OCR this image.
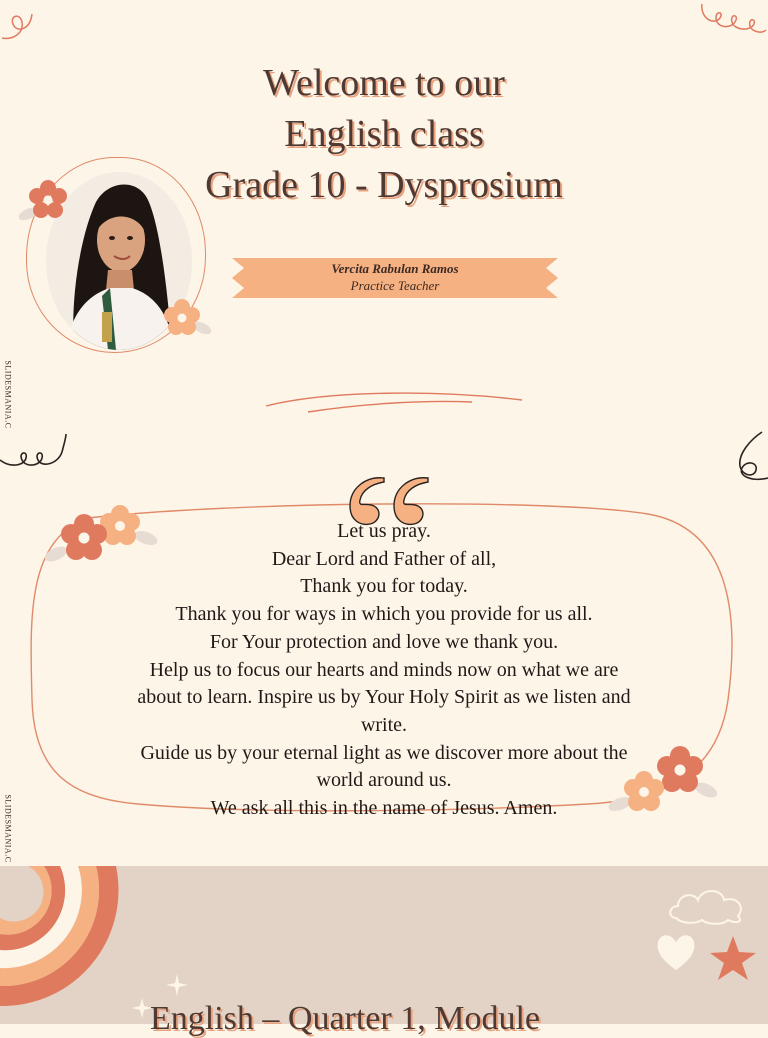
Welcome to our
English class
Grade 10 - Dysprosium
Vercita Rabulan Ramos
Practice Teacher
SLIDESMANIA.C
SLIDESMANIA.C
Let us pray.
Dear Lord and Father of all,
Thank you for today.
Thank you for ways in which you provide for us all.
For Your protection and love we thank you.
Help us to focus our hearts and minds now on what we are
about to learn. Inspire us by Your Holy Spirit as we listen and
write.
Guide us by your eternal light as we discover more about the
world around us.
We ask all this in the name of Jesus. Amen.
English – Quarter 1, Module
